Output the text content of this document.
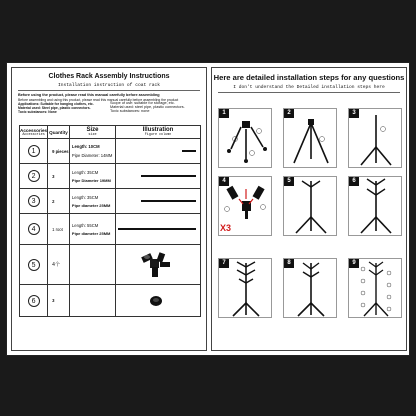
Clothes Rack Assembly Instructions
Installation instruction of coat rack
Before using the product, please read this manual carefully before assembling
Before assembling and using this product, please read this manual carefully before assembling the product
Applications: Suitable for hanging clothes, etc.	Scope of use: suitable for storage, etc.
Material used: Steel pipe, plastic connectors.	Material used: steel pipe, plastic connectors.
Toxic substances: None	Toxic substances: none
Accessories
Accessories	Quantity	Size
size	Illustration
Figure column

1	9 pieces	Length: 10CM
Pipe Diameter: 14MM	

2	3	Length: 35CM
Pipe Diameter 19MM	

3	2	Length: 35CM
Pipe diameter 25MM	

4	1 root	Length: 55CM
Pipe diameter 25MM	

5	4个		
6	3		
Here are detailed installation steps for any questions
I don't understand the Detailed installation steps here
1	2	3
4
X3
5	6
7	8	9
